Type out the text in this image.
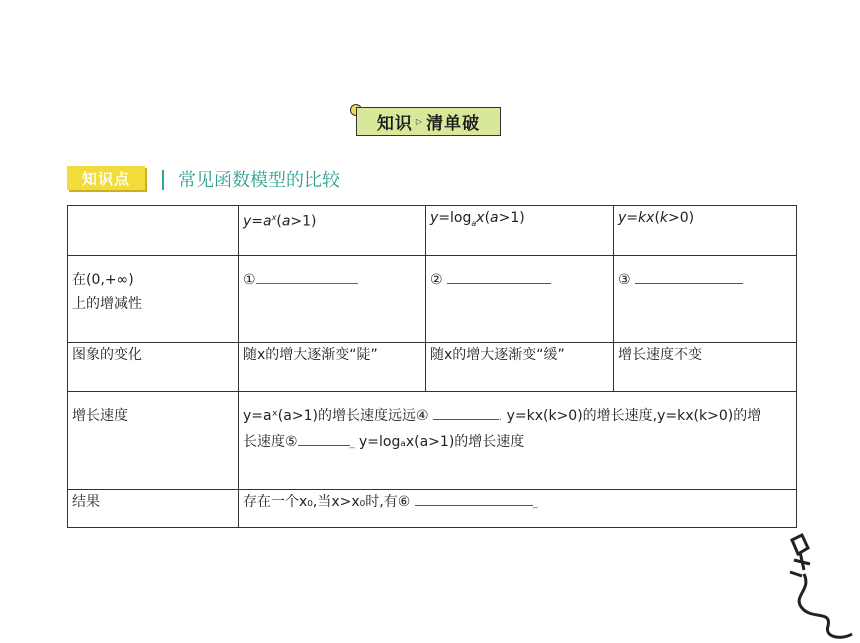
知识 ▷ 清单破
知识点	常见函数模型的比较
	$y=a^x(a>1)$	$y=\log_ax(a>1)$	y=kx(k>0)

在(0,+∞)
上的增减性	①	②	③
图象的变化	随x的增大逐渐变“陡”	随x的增大逐渐变“缓”	增长速度不变
增长速度	y=aˣ(a>1)的增长速度远远④ . y=kx(k>0)的增长速度,y=kx(k>0)的增
长速度⑤ _ y=logₐx(a>1)的增长速度		

结果	存在一个x₀,当x>x₀时,有⑥ _		
